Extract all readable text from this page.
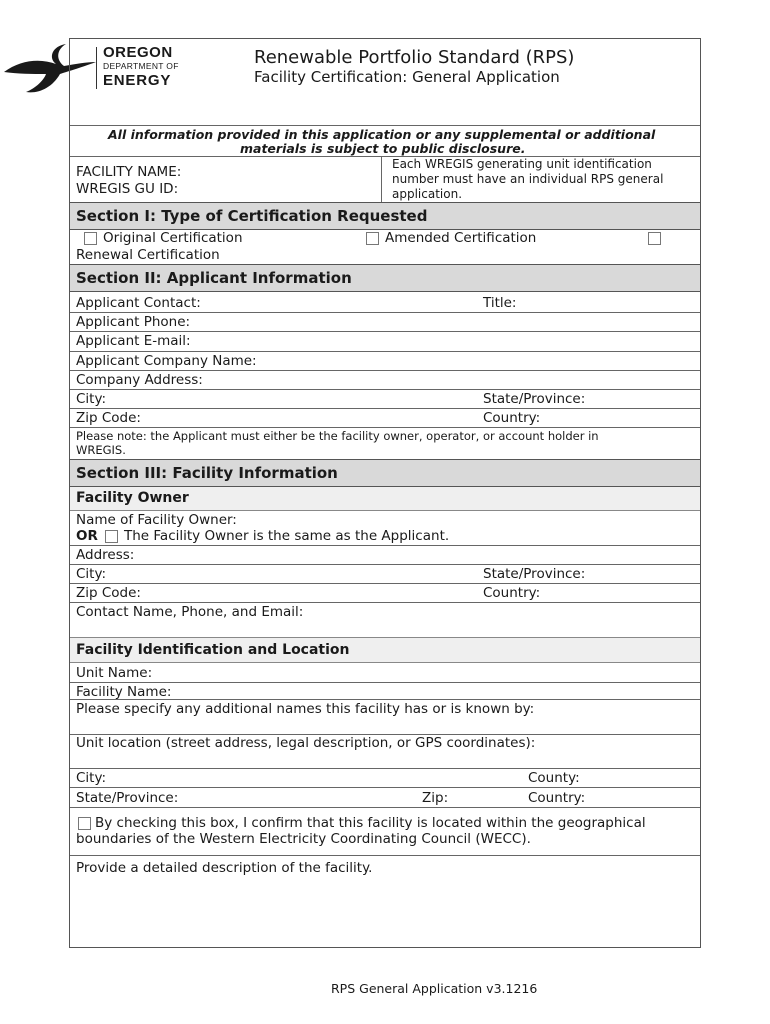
OREGON
DEPARTMENT OF
ENERGY
Renewable Portfolio Standard (RPS)
Facility Certification: General Application
All information provided in this application or any supplemental or additional
materials is subject to public disclosure.
FACILITY NAME:
WREGIS GU ID:
Each WREGIS generating unit identification
number must have an individual RPS general
application.
Section I: Type of Certification Requested
Original Certification	Amended Certification
Renewal Certification
Section II: Applicant Information
Applicant Contact:	Title:
Applicant Phone:
Applicant E-mail:
Applicant Company Name:
Company Address:
City:	State/Province:
Zip Code:	Country:
Please note: the Applicant must either be the facility owner, operator, or account holder in
WREGIS.
Section III: Facility Information
Facility Owner
Name of Facility Owner:
OR The Facility Owner is the same as the Applicant.
Address:
City:	State/Province:
Zip Code:	Country:
Contact Name, Phone, and Email:
Facility Identification and Location
Unit Name:
Facility Name:
Please specify any additional names this facility has or is known by:
Unit location (street address, legal description, or GPS coordinates):
City:	County:
State/Province:	Zip:	Country:
By checking this box, I confirm that this facility is located within the geographical
boundaries of the Western Electricity Coordinating Council (WECC).
Provide a detailed description of the facility.
RPS General Application v3.1216
